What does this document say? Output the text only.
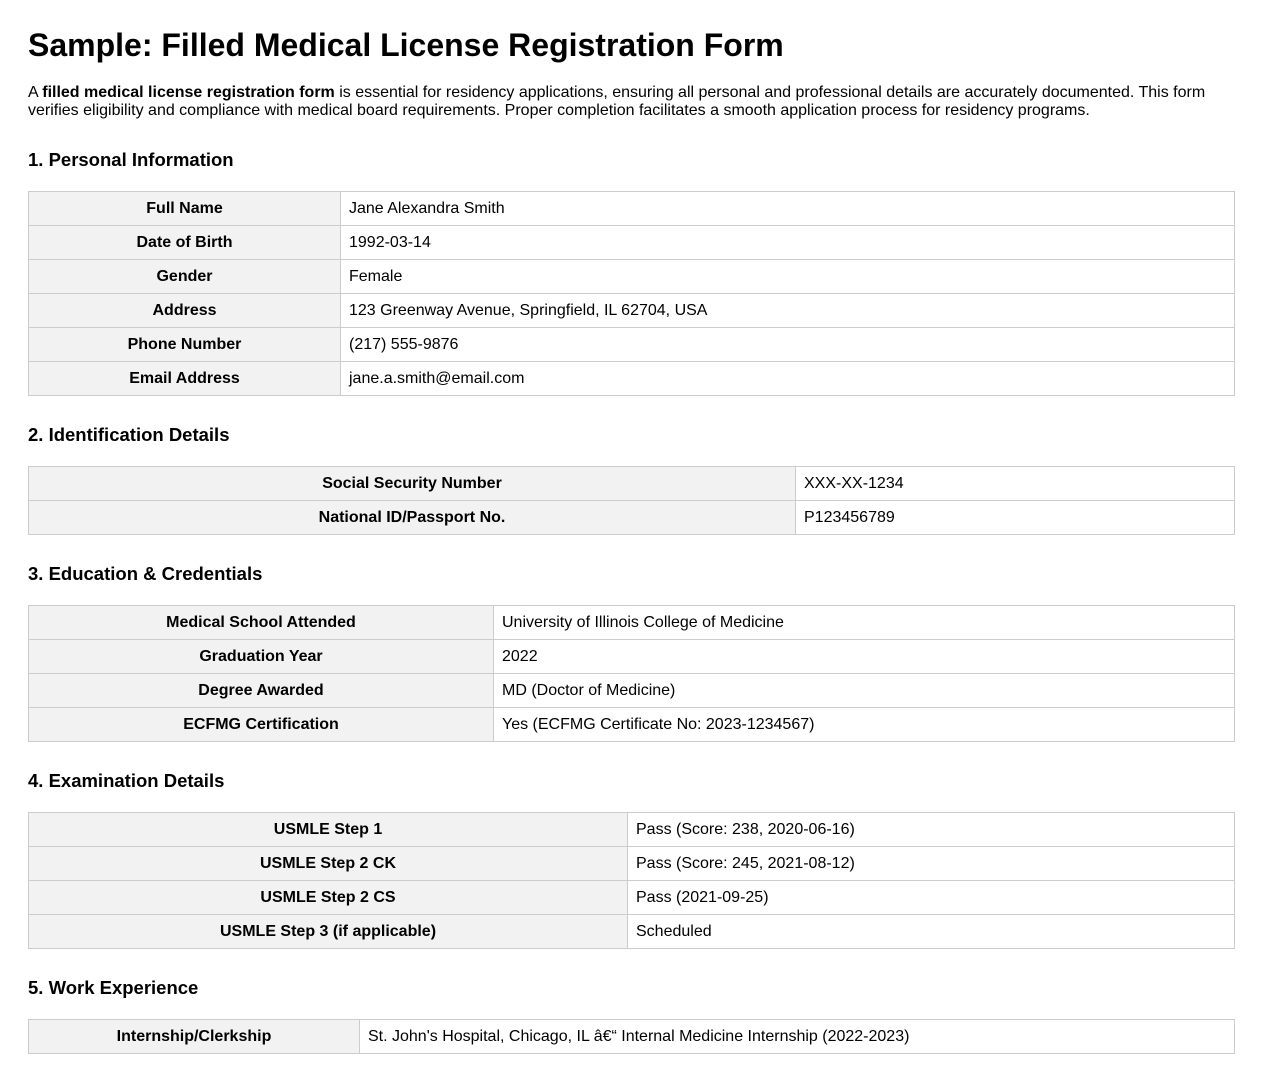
Sample: Filled Medical License Registration Form

A filled medical license registration form is essential for residency applications, ensuring all personal and professional details are accurately documented. This form verifies eligibility and compliance with medical board requirements. Proper completion facilitates a smooth application process for residency programs.

1. Personal Information
Full Name	Jane Alexandra Smith
Date of Birth	1992-03-14
Gender	Female
Address	123 Greenway Avenue, Springfield, IL 62704, USA
Phone Number	(217) 555-9876
Email Address	jane.a.smith@email.com
2. Identification Details
Social Security Number	XXX-XX-1234
National ID/Passport No.	P123456789
3. Education & Credentials
Medical School Attended	University of Illinois College of Medicine
Graduation Year	2022
Degree Awarded	MD (Doctor of Medicine)
ECFMG Certification	Yes (ECFMG Certificate No: 2023-1234567)
4. Examination Details
USMLE Step 1	Pass (Score: 238, 2020-06-16)
USMLE Step 2 CK	Pass (Score: 245, 2021-08-12)
USMLE Step 2 CS	Pass (2021-09-25)
USMLE Step 3 (if applicable)	Scheduled
5. Work Experience
Internship/Clerkship	St. John's Hospital, Chicago, IL â€“ Internal Medicine Internship (2022-2023)
